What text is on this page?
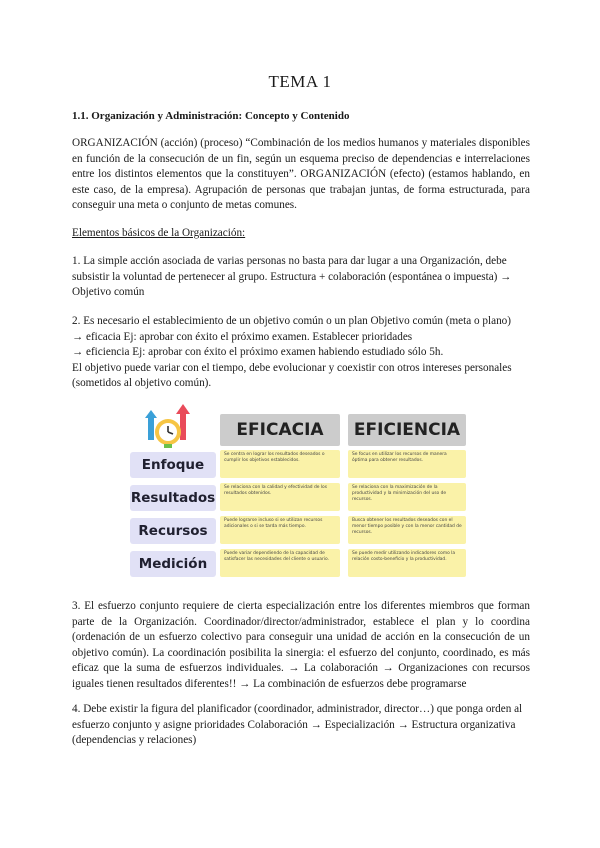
TEMA 1
1.1. Organización y Administración: Concepto y Contenido
ORGANIZACIÓN (acción) (proceso) “Combinación de los medios humanos y materiales disponibles en función de la consecución de un fin, según un esquema preciso de dependencias e interrelaciones entre los distintos elementos que la constituyen”. ORGANIZACIÓN (efecto) (estamos hablando, en este caso, de la empresa). Agrupación de personas que trabajan juntas, de forma estructurada, para conseguir una meta o conjunto de metas comunes.
Elementos básicos de la Organización:
1. La simple acción asociada de varias personas no basta para dar lugar a una Organización, debe subsistir la voluntad de pertenecer al grupo. Estructura + colaboración (espontánea o impuesta) → Objetivo común

2. Es necesario el establecimiento de un objetivo común o un plan Objetivo común (meta o plano)

→ eficacia Ej: aprobar con éxito el próximo examen. Establecer prioridades

→ eficiencia Ej: aprobar con éxito el próximo examen habiendo estudiado sólo 5h.

El objetivo puede variar con el tiempo, debe evolucionar y coexistir con otros intereses personales (sometidos al objetivo común).

EFICACIA	EFICIENCIA
Enfoque
Se centra en lograr los resultados deseados o cumplir los objetivos establecidos.
Se focus en utilizar los recursos de manera óptima para obtener resultados.
Resultados
Se relaciona con la calidad y efectividad de los resultados obtenidos.
Se relaciona con la maximización de la productividad y la minimización del uso de recursos.
Recursos
Puede lograrse incluso si se utilizan recursos adicionales o si se tarda más tiempo.
Busca obtener los resultados deseados con el menor tiempo posible y con la menor cantidad de recursos.
Medición
Puede variar dependiendo de la capacidad de satisfacer las necesidades del cliente o usuario.
Se puede medir utilizando indicadores como la relación costo-beneficio y la productividad.
3. El esfuerzo conjunto requiere de cierta especialización entre los diferentes miembros que forman parte de la Organización. Coordinador/director/administrador, establece el plan y lo coordina (ordenación de un esfuerzo colectivo para conseguir una unidad de acción en la consecución de un objetivo común). La coordinación posibilita la sinergia: el esfuerzo del conjunto, coordinado, es más eficaz que la suma de esfuerzos individuales. → La colaboración → Organizaciones con recursos iguales tienen resultados diferentes!! → La combinación de esfuerzos debe programarse
4. Debe existir la figura del planificador (coordinador, administrador, director…) que ponga orden al esfuerzo conjunto y asigne prioridades Colaboración → Especialización → Estructura organizativa (dependencias y relaciones)
